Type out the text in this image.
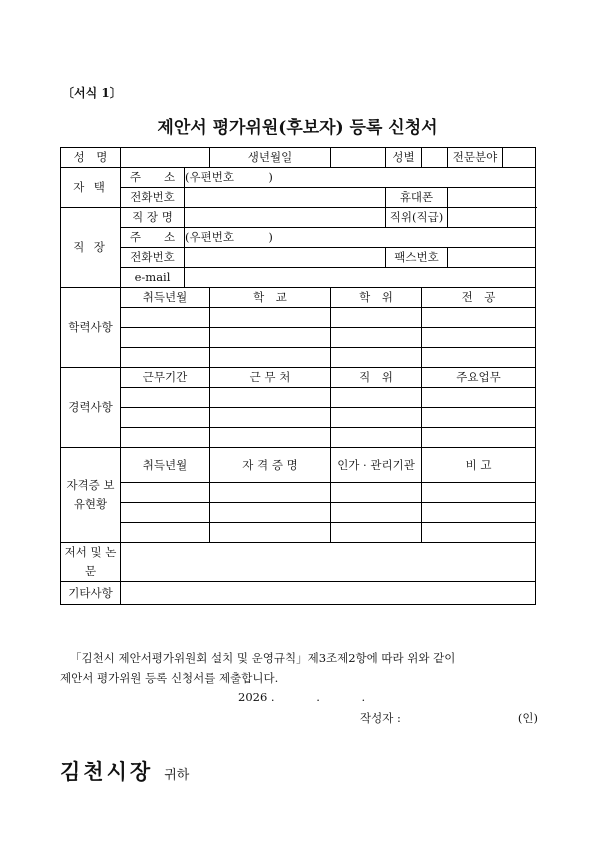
〔서식 1〕
제안서 평가위원(후보자) 등록 신청서
성　명			생년월일		성별		전문분야	
자 택	주　　소	(우편번호　　　)						
	전화번호				휴대폰			
직 장	직 장 명				직위(직급)			
	주　　소	(우편번호　　　)						
	전화번호				팩스번호			
	e-mail							
학력사항	취득년월		학　교	학　위		전　공		

경력사항	근무기간		근 무 처	직　위		주요업무		

자격증 보유현황	취득년월		자 격 증 명	인가 · 관리기관		비 고		

저서 및 논문								
기타사항								

「김천시 제안서평가위원회 설치 및 운영규칙」제3조제2항에 따라 위와 같이

제안서 평가위원 등록 신청서를 제출합니다.

2026 .	.	.
작성자 :	(인)
김천시장 귀하
